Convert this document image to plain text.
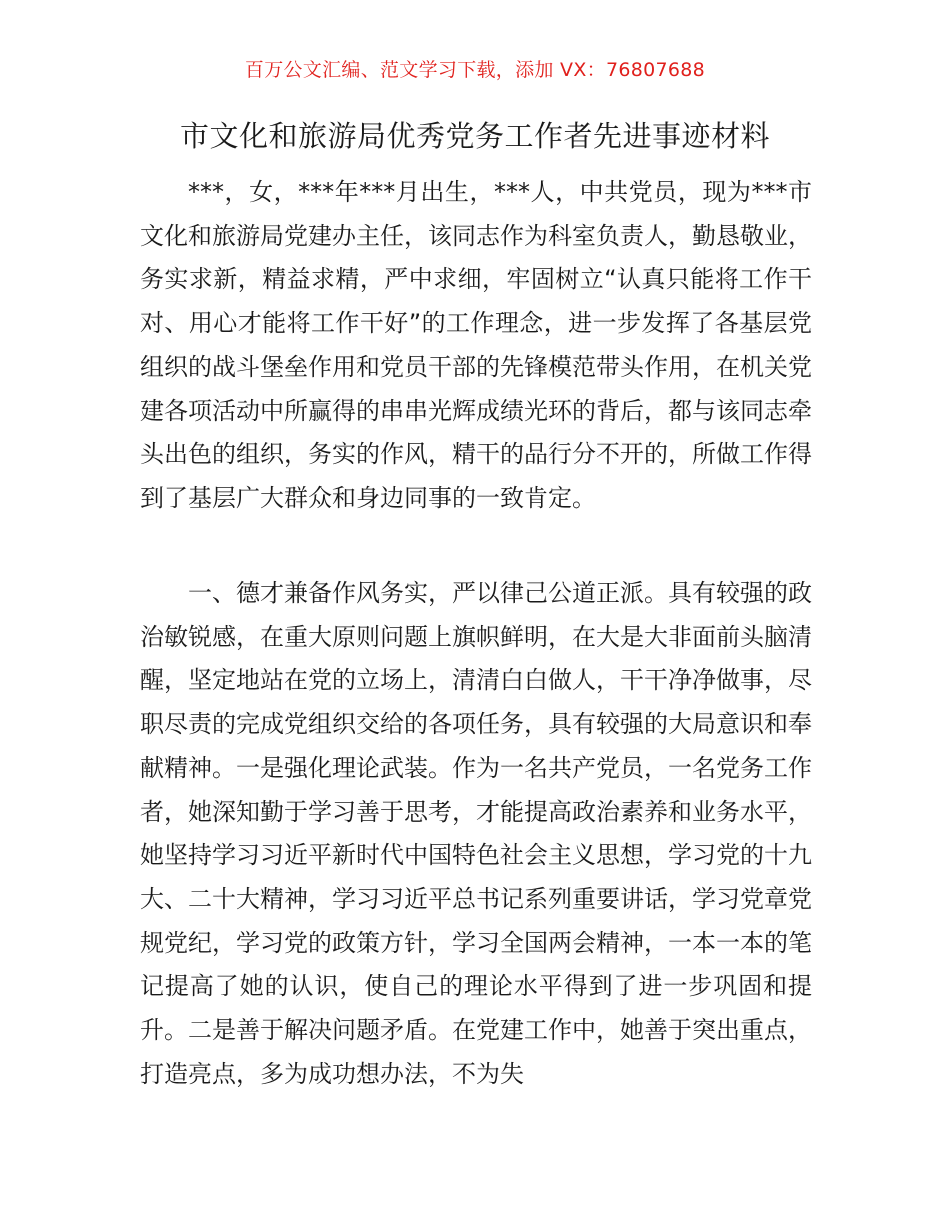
百万公文汇编、范文学习下载，添加 VX：76807688
市文化和旅游局优秀党务工作者先进事迹材料

***，女，***年***月出生，***人，中共党员，现为***市文化和旅游局党建办主任，该同志作为科室负责人，勤恳敬业，务实求新，精益求精，严中求细，牢固树立“认真只能将工作干对、用心才能将工作干好”的工作理念，进一步发挥了各基层党组织的战斗堡垒作用和党员干部的先锋模范带头作用，在机关党建各项活动中所赢得的串串光辉成绩光环的背后，都与该同志牵头出色的组织，务实的作风，精干的品行分不开的，所做工作得到了基层广大群众和身边同事的一致肯定。

一、德才兼备作风务实，严以律己公道正派。具有较强的政治敏锐感，在重大原则问题上旗帜鲜明，在大是大非面前头脑清醒，坚定地站在党的立场上，清清白白做人，干干净净做事，尽职尽责的完成党组织交给的各项任务，具有较强的大局意识和奉献精神。一是强化理论武装。作为一名共产党员，一名党务工作者，她深知勤于学习善于思考，才能提高政治素养和业务水平，她坚持学习习近平新时代中国特色社会主义思想，学习党的十九大、二十大精神，学习习近平总书记系列重要讲话，学习党章党规党纪，学习党的政策方针，学习全国两会精神，一本一本的笔记提高了她的认识，使自己的理论水平得到了进一步巩固和提升。二是善于解决问题矛盾。在党建工作中，她善于突出重点，打造亮点，多为成功想办法，不为失
